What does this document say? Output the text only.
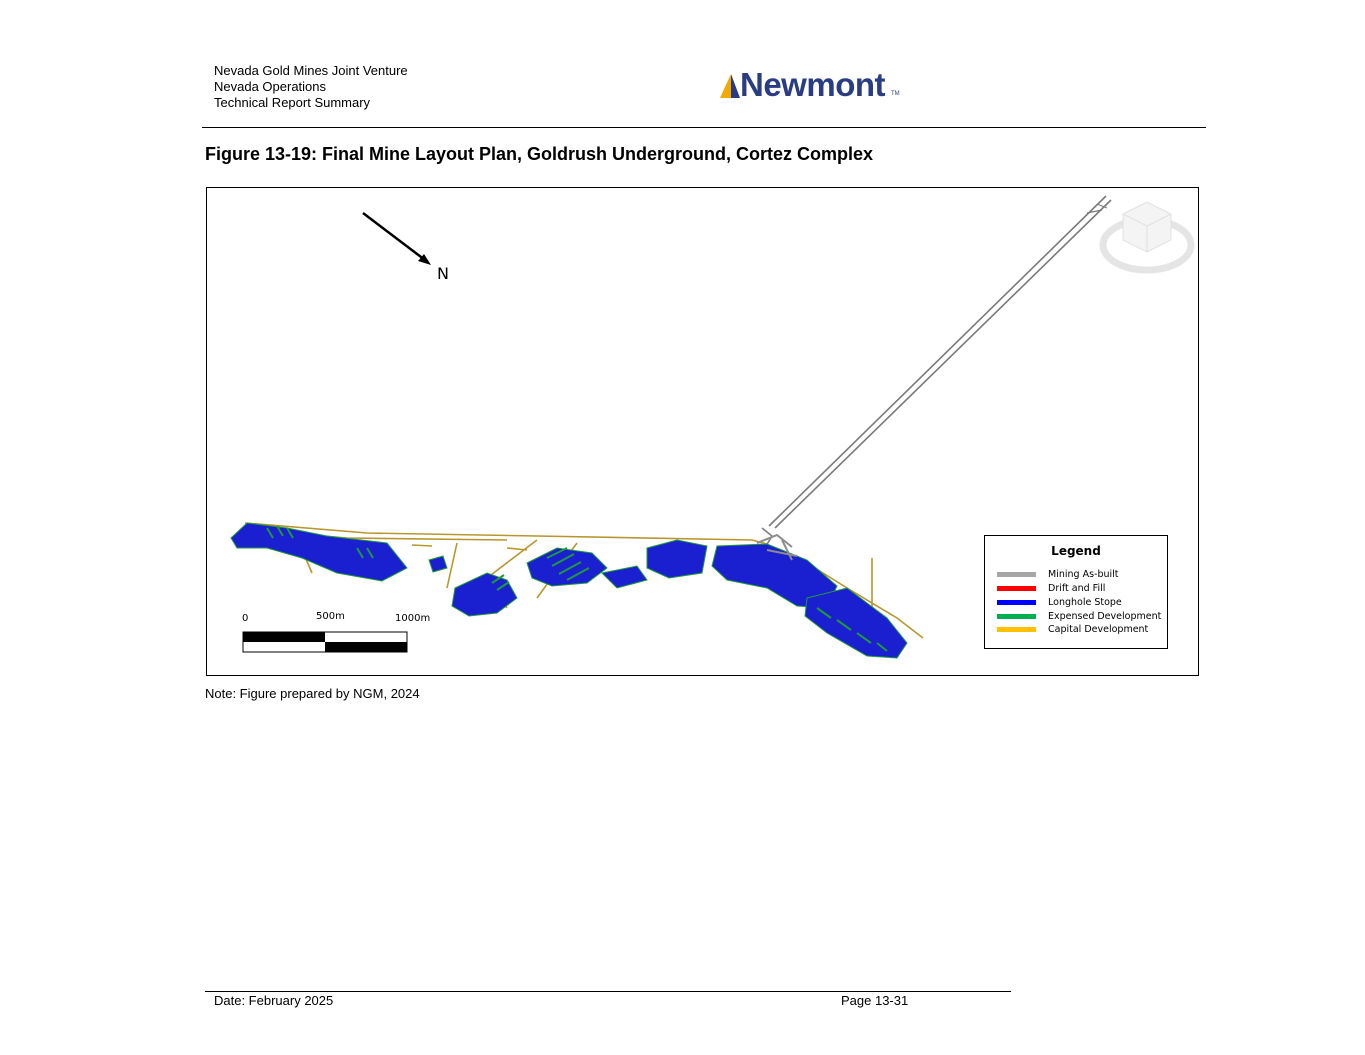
Nevada Gold Mines Joint Venture
Nevada Operations
Technical Report Summary	Newmont TM
Figure 13-19: Final Mine Layout Plan, Goldrush Underground, Cortez Complex
N
0	500m	1000m
Legend
Mining As-built
Drift and Fill
Longhole Stope
Expensed Development
Capital Development
Note: Figure prepared by NGM, 2024
Date: February 2025	Page 13-31
